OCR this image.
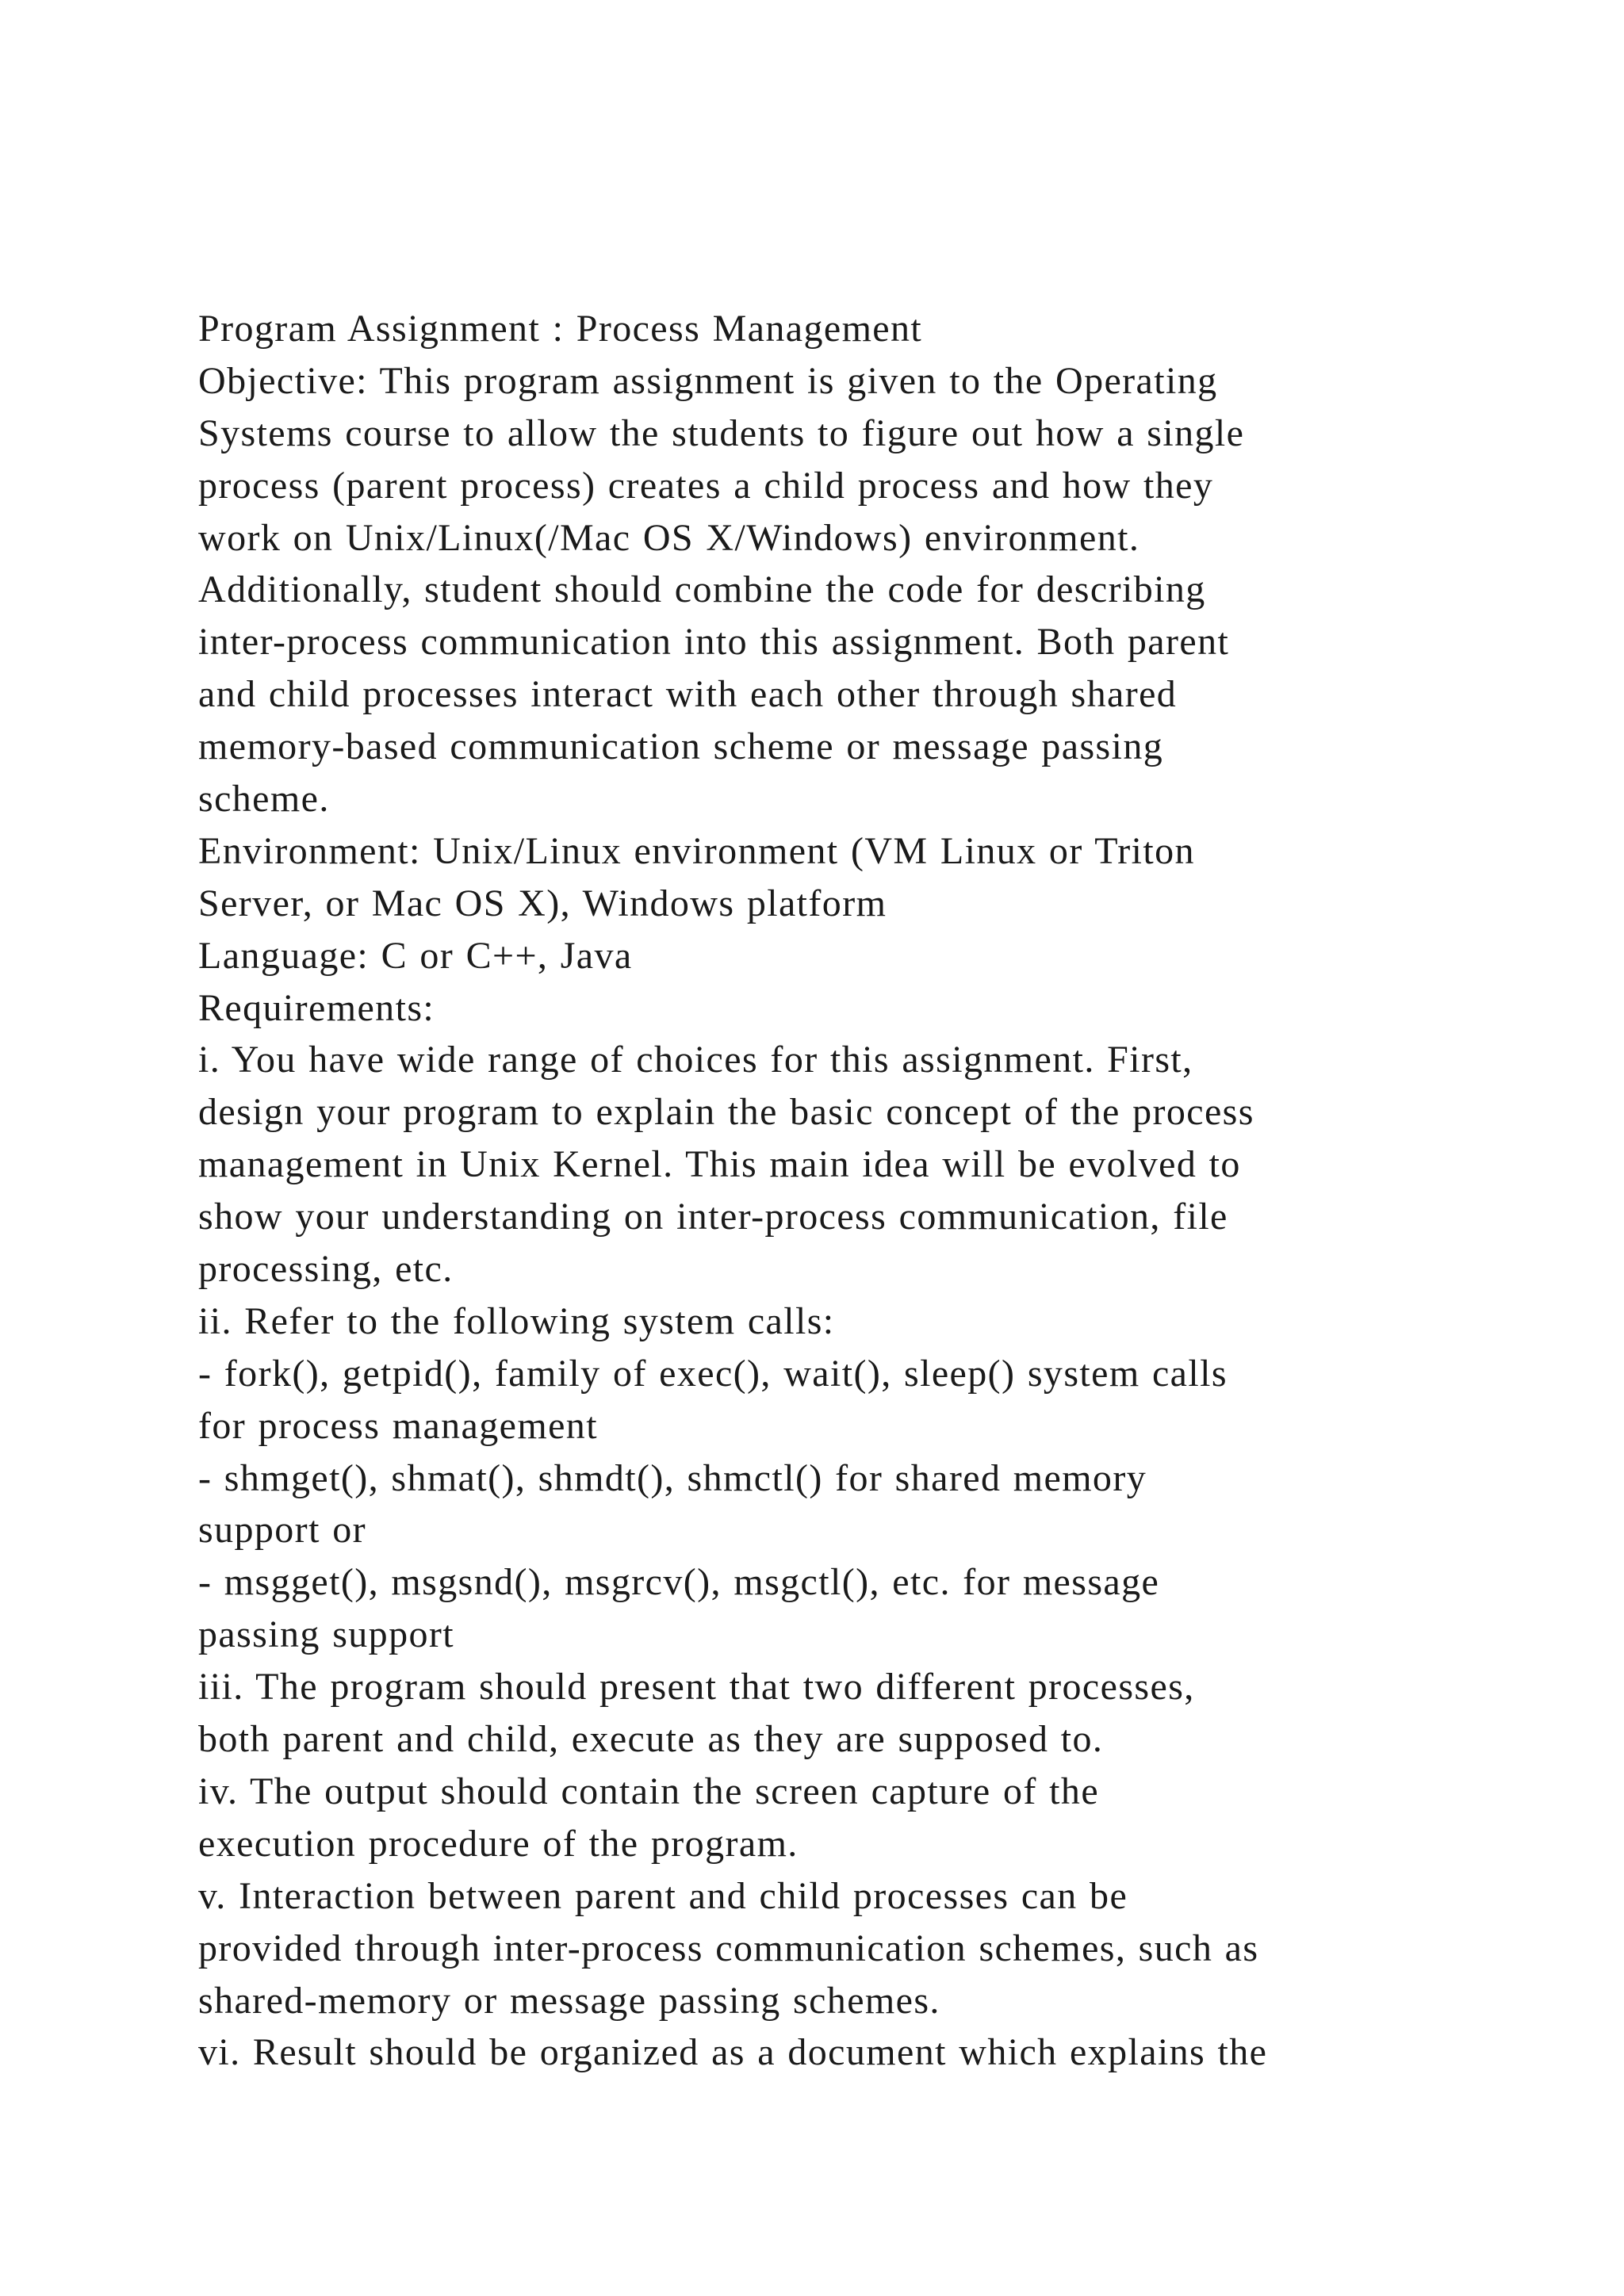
Program Assignment : Process Management
Objective: This program assignment is given to the Operating
Systems course to allow the students to figure out how a single
process (parent process) creates a child process and how they
work on Unix/Linux(/Mac OS X/Windows) environment.
Additionally, student should combine the code for describing
inter-process communication into this assignment. Both parent
and child processes interact with each other through shared
memory-based communication scheme or message passing
scheme.
Environment: Unix/Linux environment (VM Linux or Triton
Server, or Mac OS X), Windows platform
Language: C or C++, Java
Requirements:
i. You have wide range of choices for this assignment. First,
design your program to explain the basic concept of the process
management in Unix Kernel. This main idea will be evolved to
show your understanding on inter-process communication, file
processing, etc.
ii. Refer to the following system calls:
- fork(), getpid(), family of exec(), wait(), sleep() system calls
for process management
- shmget(), shmat(), shmdt(), shmctl() for shared memory
support or
- msgget(), msgsnd(), msgrcv(), msgctl(), etc. for message
passing support
iii. The program should present that two different processes,
both parent and child, execute as they are supposed to.
iv. The output should contain the screen capture of the
execution procedure of the program.
v. Interaction between parent and child processes can be
provided through inter-process communication schemes, such as
shared-memory or message passing schemes.
vi. Result should be organized as a document which explains the
